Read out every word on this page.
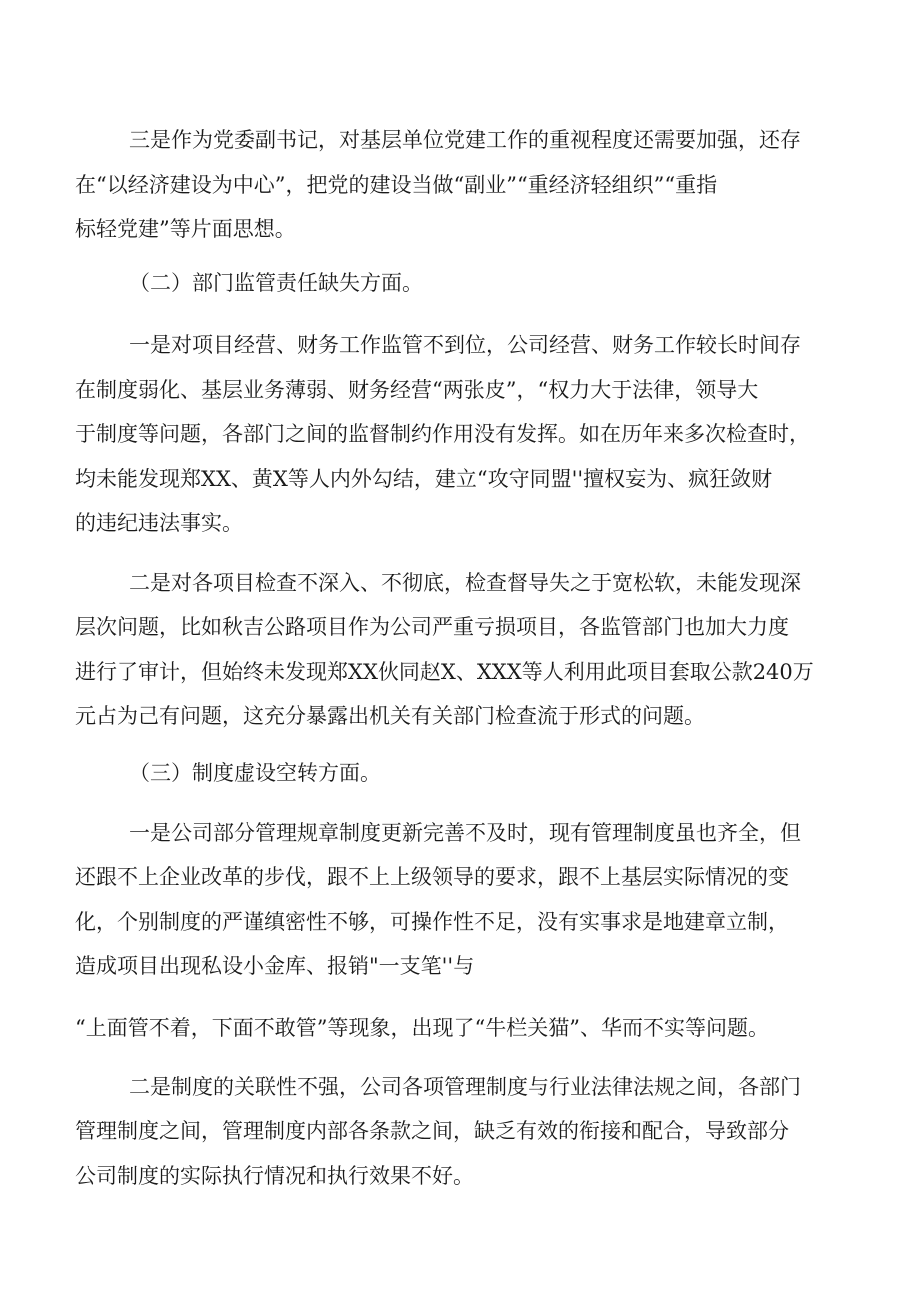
三是作为党委副书记，对基层单位党建工作的重视程度还需要加强，还存

在“以经济建设为中心”，把党的建设当做“副业”“重经济轻组织”“重指

标轻党建”等片面思想。

（二）部门监管责任缺失方面。

一是对项目经营、财务工作监管不到位，公司经营、财务工作较长时间存

在制度弱化、基层业务薄弱、财务经营“两张皮”，“权力大于法律，领导大

于制度等问题，各部门之间的监督制约作用没有发挥。如在历年来多次检查时，

均未能发现郑XX、黄X等人内外勾结，建立“攻守同盟''擅权妄为、疯狂敛财

的违纪违法事实。

二是对各项目检查不深入、不彻底，检查督导失之于宽松软，未能发现深

层次问题，比如秋吉公路项目作为公司严重亏损项目，各监管部门也加大力度

进行了审计，但始终未发现郑XX伙同赵X、XXX等人利用此项目套取公款240万

元占为己有问题，这充分暴露出机关有关部门检查流于形式的问题。

（三）制度虚设空转方面。

一是公司部分管理规章制度更新完善不及时，现有管理制度虽也齐全，但

还跟不上企业改革的步伐，跟不上上级领导的要求，跟不上基层实际情况的变

化，个别制度的严谨缜密性不够，可操作性不足，没有实事求是地建章立制，

造成项目出现私设小金库、报销"一支笔''与

“上面管不着，下面不敢管”等现象，出现了“牛栏关猫”、华而不实等问题。

二是制度的关联性不强，公司各项管理制度与行业法律法规之间，各部门

管理制度之间，管理制度内部各条款之间，缺乏有效的衔接和配合，导致部分

公司制度的实际执行情况和执行效果不好。
